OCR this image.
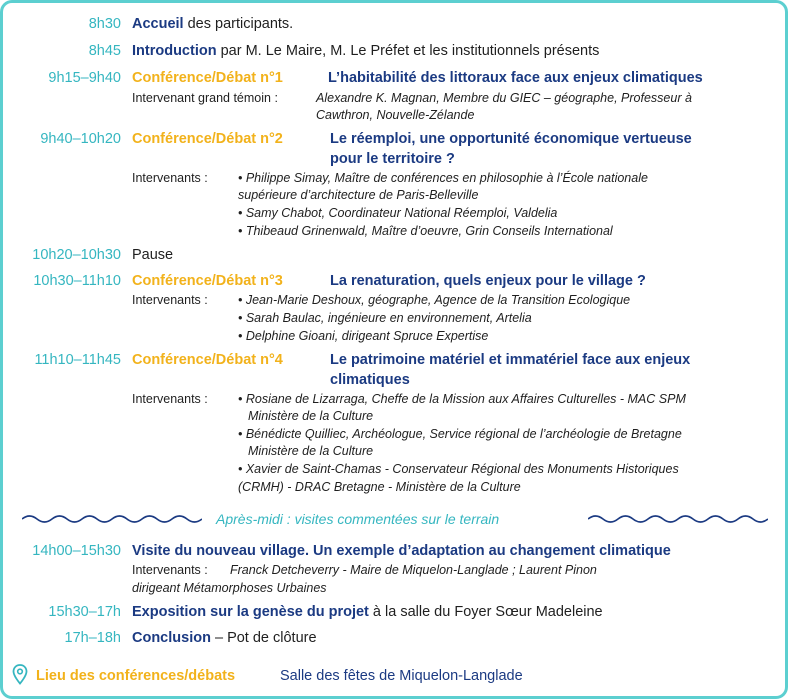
8h30 Accueil des participants.
8h45 Introduction par M. Le Maire, M. Le Préfet et les institutionnels présents
9h15–9h40 Conférence/Débat n°1	L’habitabilité des littoraux face aux enjeux climatiques
Intervenant grand témoin :	Alexandre K. Magnan, Membre du GIEC – géographe, Professeur à
Cawthron, Nouvelle-Zélande
9h40–10h20 Conférence/Débat n°2	Le réemploi, une opportunité économique vertueuse
pour le territoire ?
Intervenants : • Philippe Simay, Maître de conférences en philosophie à l’École nationale
supérieure d’architecture de Paris-Belleville
• Samy Chabot, Coordinateur National Réemploi, Valdelia
• Thibeaud Grinenwald, Maître d’oeuvre, Grin Conseils International
10h20–10h30 Pause
10h30–11h10 Conférence/Débat n°3	La renaturation, quels enjeux pour le village ?
Intervenants : • Jean-Marie Deshoux, géographe, Agence de la Transition Ecologique
• Sarah Baulac, ingénieure en environnement, Artelia
• Delphine Gioani, dirigeant Spruce Expertise
11h10–11h45 Conférence/Débat n°4	Le patrimoine matériel et immatériel face aux enjeux
climatiques
Intervenants : • Rosiane de Lizarraga, Cheffe de la Mission aux Affaires Culturelles - MAC SPM
Ministère de la Culture
• Bénédicte Quilliec, Archéologue, Service régional de l’archéologie de Bretagne
Ministère de la Culture
• Xavier de Saint-Chamas - Conservateur Régional des Monuments Historiques
(CRMH) - DRAC Bretagne - Ministère de la Culture
Après-midi : visites commentées sur le terrain
14h00–15h30 Visite du nouveau village. Un exemple d’adaptation au changement climatique
Intervenants : Franck Detcheverry - Maire de Miquelon-Langlade ; Laurent Pinon
dirigeant Métamorphoses Urbaines
15h30–17h Exposition sur la genèse du projet à la salle du Foyer Sœur Madeleine
17h–18h Conclusion – Pot de clôture
Lieu des conférences/débats	Salle des fêtes de Miquelon-Langlade
